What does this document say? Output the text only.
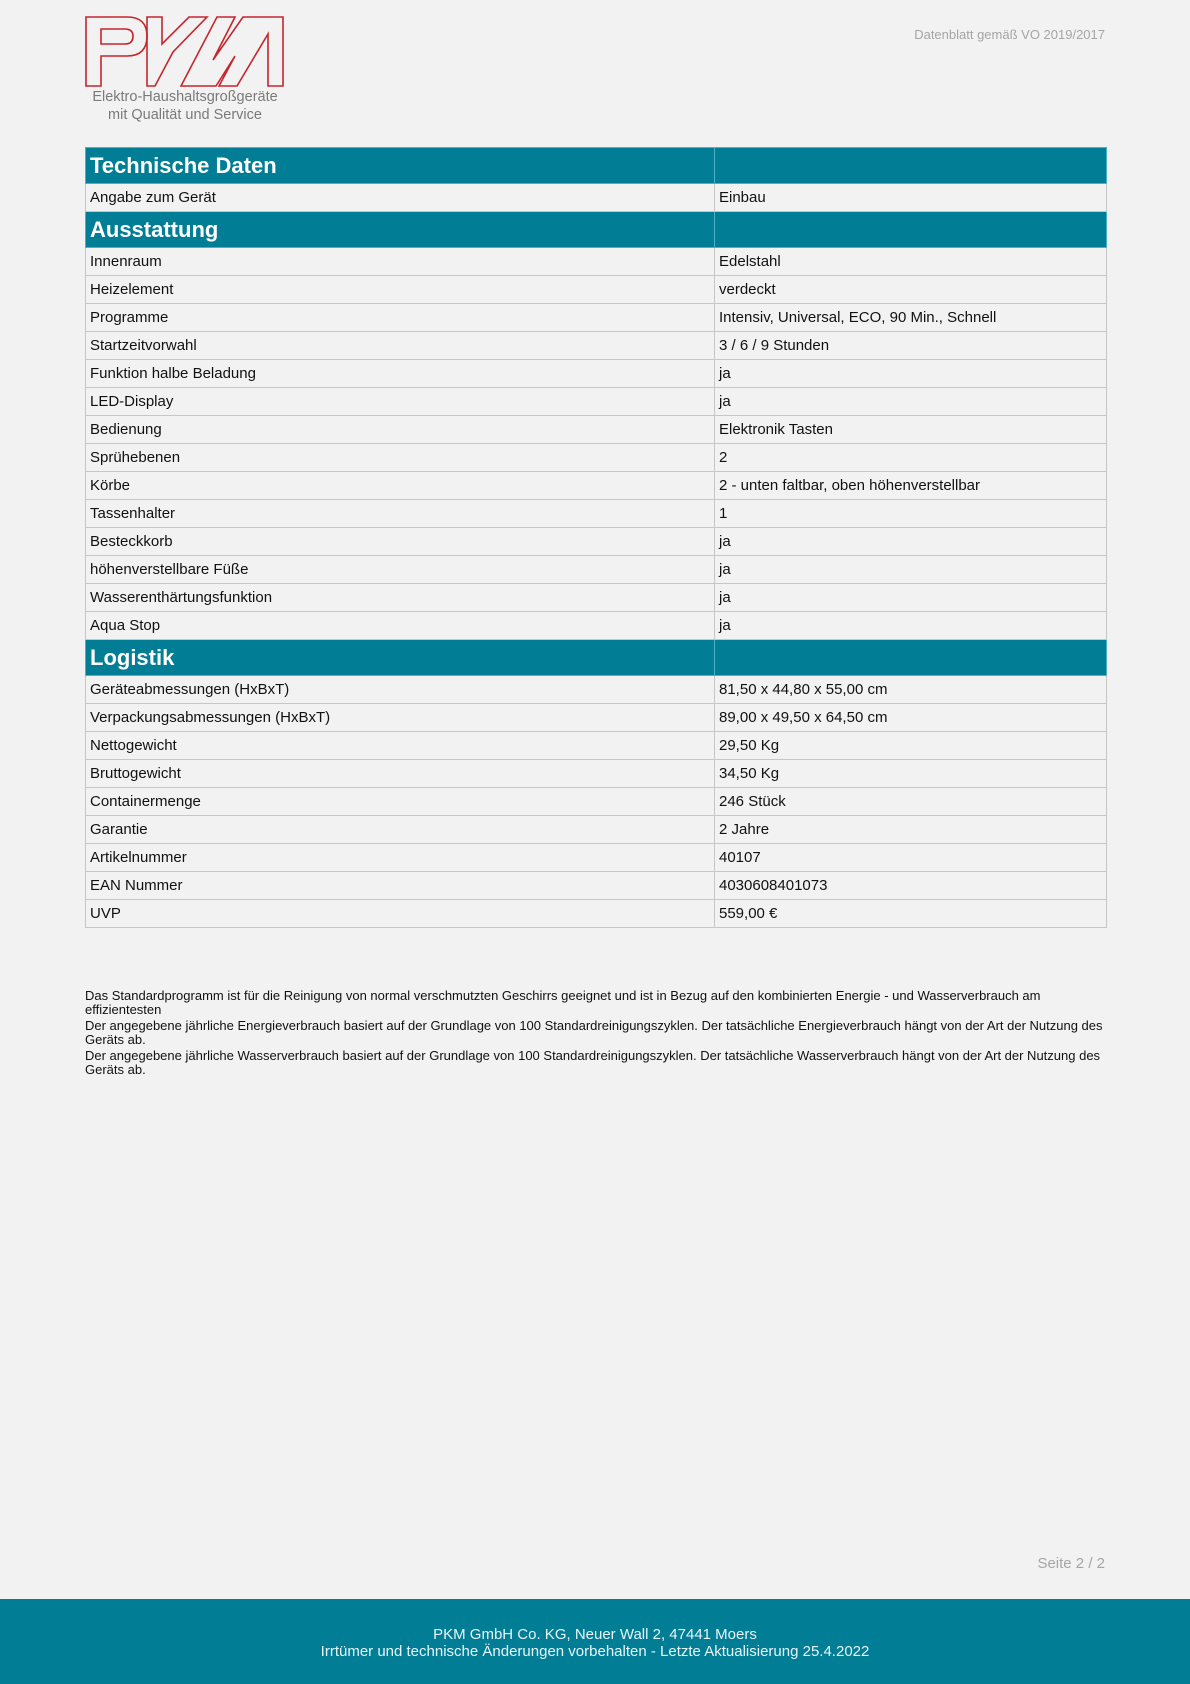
Elektro-Haushaltsgroßgeräte
mit Qualität und Service
Datenblatt gemäß VO 2019/2017
Technische Daten	
Angabe zum Gerät	Einbau
Ausstattung	
Innenraum	Edelstahl
Heizelement	verdeckt
Programme	Intensiv, Universal, ECO, 90 Min., Schnell
Startzeitvorwahl	3 / 6 / 9 Stunden
Funktion halbe Beladung	ja
LED-Display	ja
Bedienung	Elektronik Tasten
Sprühebenen	2
Körbe	2 - unten faltbar, oben höhenverstellbar
Tassenhalter	1
Besteckkorb	ja
höhenverstellbare Füße	ja
Wasserenthärtungsfunktion	ja
Aqua Stop	ja
Logistik	
Geräteabmessungen (HxBxT)	81,50 x 44,80 x 55,00 cm
Verpackungsabmessungen (HxBxT)	89,00 x 49,50 x 64,50 cm
Nettogewicht	29,50 Kg
Bruttogewicht	34,50 Kg
Containermenge	246 Stück
Garantie	2 Jahre
Artikelnummer	40107
EAN Nummer	4030608401073
UVP	559,00 €

Das Standardprogramm ist für die Reinigung von normal verschmutzten Geschirrs geeignet und ist in Bezug auf den kombinierten Energie - und Wasserverbrauch am effizientesten

Der angegebene jährliche Energieverbrauch basiert auf der Grundlage von 100 Standardreinigungszyklen. Der tatsächliche Energieverbrauch hängt von der Art der Nutzung des Geräts ab.

Der angegebene jährliche Wasserverbrauch basiert auf der Grundlage von 100 Standardreinigungszyklen. Der tatsächliche Wasserverbrauch hängt von der Art der Nutzung des Geräts ab.

Seite 2 / 2
PKM GmbH Co. KG, Neuer Wall 2, 47441 Moers
Irrtümer und technische Änderungen vorbehalten - Letzte Aktualisierung 25.4.2022
